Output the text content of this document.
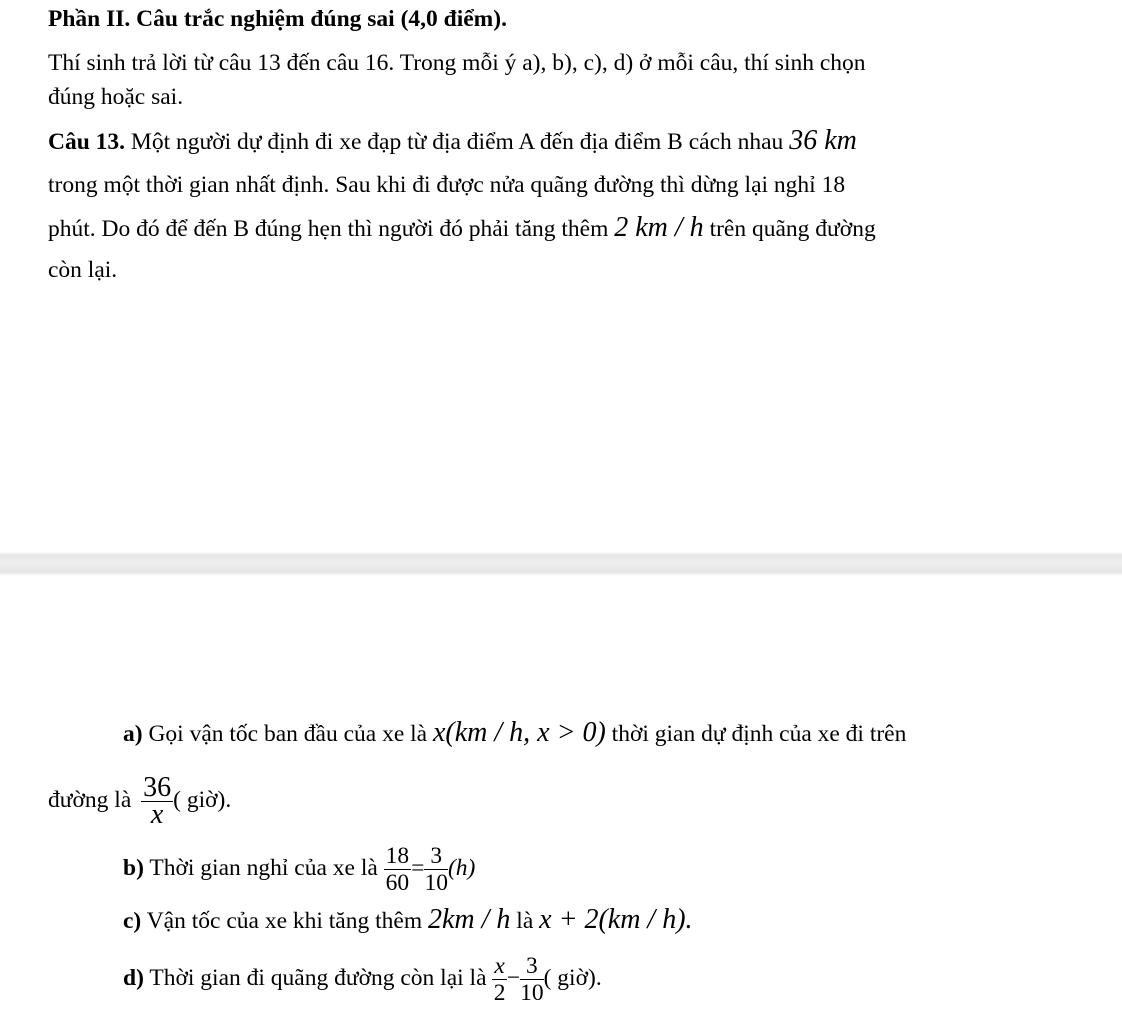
Phần II. Câu trắc nghiệm đúng sai (4,0 điểm).
Thí sinh trả lời từ câu 13 đến câu 16. Trong mỗi ý a), b), c), d) ở mỗi câu, thí sinh chọn
đúng hoặc sai.
Câu 13. Một người dự định đi xe đạp từ địa điểm A đến địa điểm B cách nhau 36 km
trong một thời gian nhất định. Sau khi đi được nửa quãng đường thì dừng lại nghỉ 18
phút. Do đó để đến B đúng hẹn thì người đó phải tăng thêm 2 km / h trên quãng đường
còn lại.
a) Gọi vận tốc ban đầu của xe là x(km / h, x > 0) thời gian dự định của xe đi trên
đường là $\frac{36}{x}$ ( giờ).
b) Thời gian nghỉ của xe là $\frac{18}{60} = \frac{3}{10} (h)$
c) Vận tốc của xe khi tăng thêm 2km / h là x + 2(km / h).
d) Thời gian đi quãng đường còn lại là $\frac{x}{2} - \frac{3}{10}$ ( giờ).
